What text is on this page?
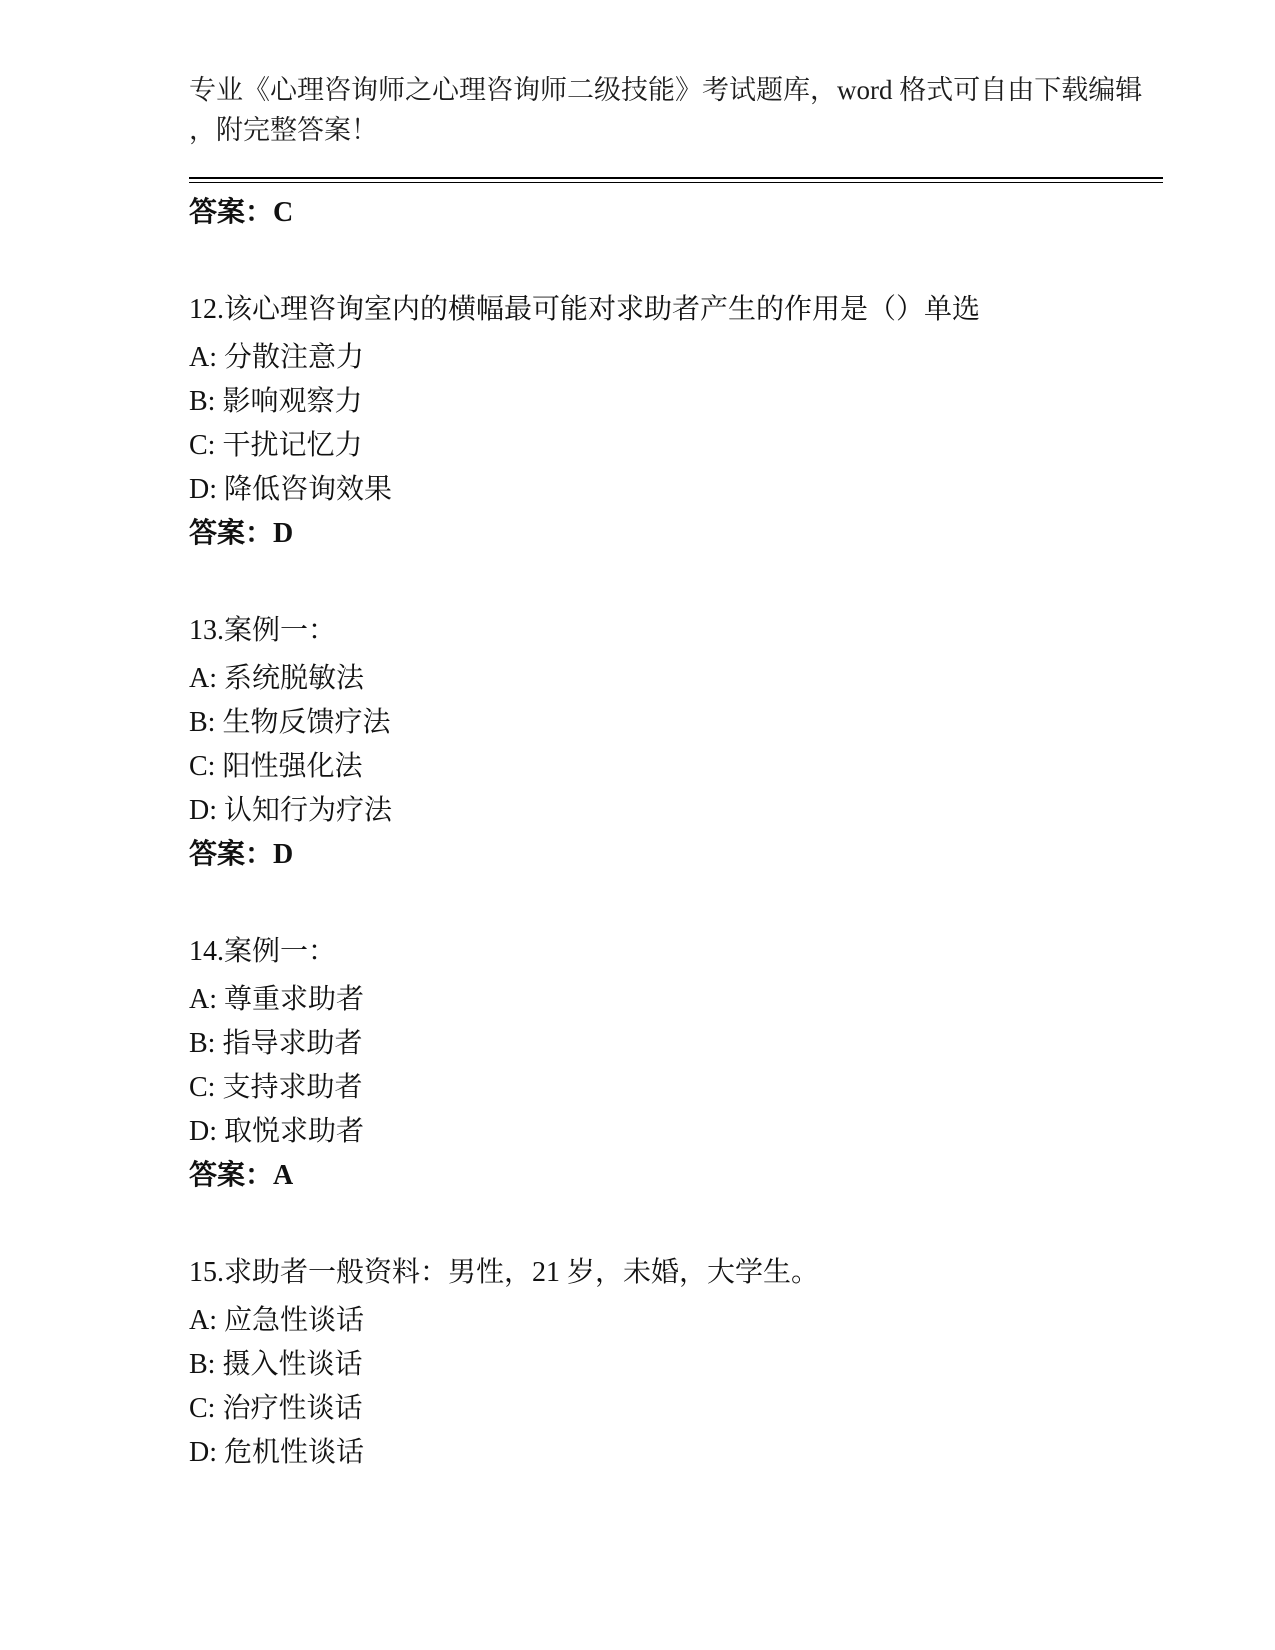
专业《心理咨询师之心理咨询师二级技能》考试题库，word 格式可自由下载编辑
，附完整答案！
答案：C
12.该心理咨询室内的横幅最可能对求助者产生的作用是（）单选
A: 分散注意力
B: 影响观察力
C: 干扰记忆力
D: 降低咨询效果
答案：D
13.案例一：
A: 系统脱敏法
B: 生物反馈疗法
C: 阳性强化法
D: 认知行为疗法
答案：D
14.案例一：
A: 尊重求助者
B: 指导求助者
C: 支持求助者
D: 取悦求助者
答案：A
15.求助者一般资料：男性，21 岁，未婚，大学生。
A: 应急性谈话
B: 摄入性谈话
C: 治疗性谈话
D: 危机性谈话
